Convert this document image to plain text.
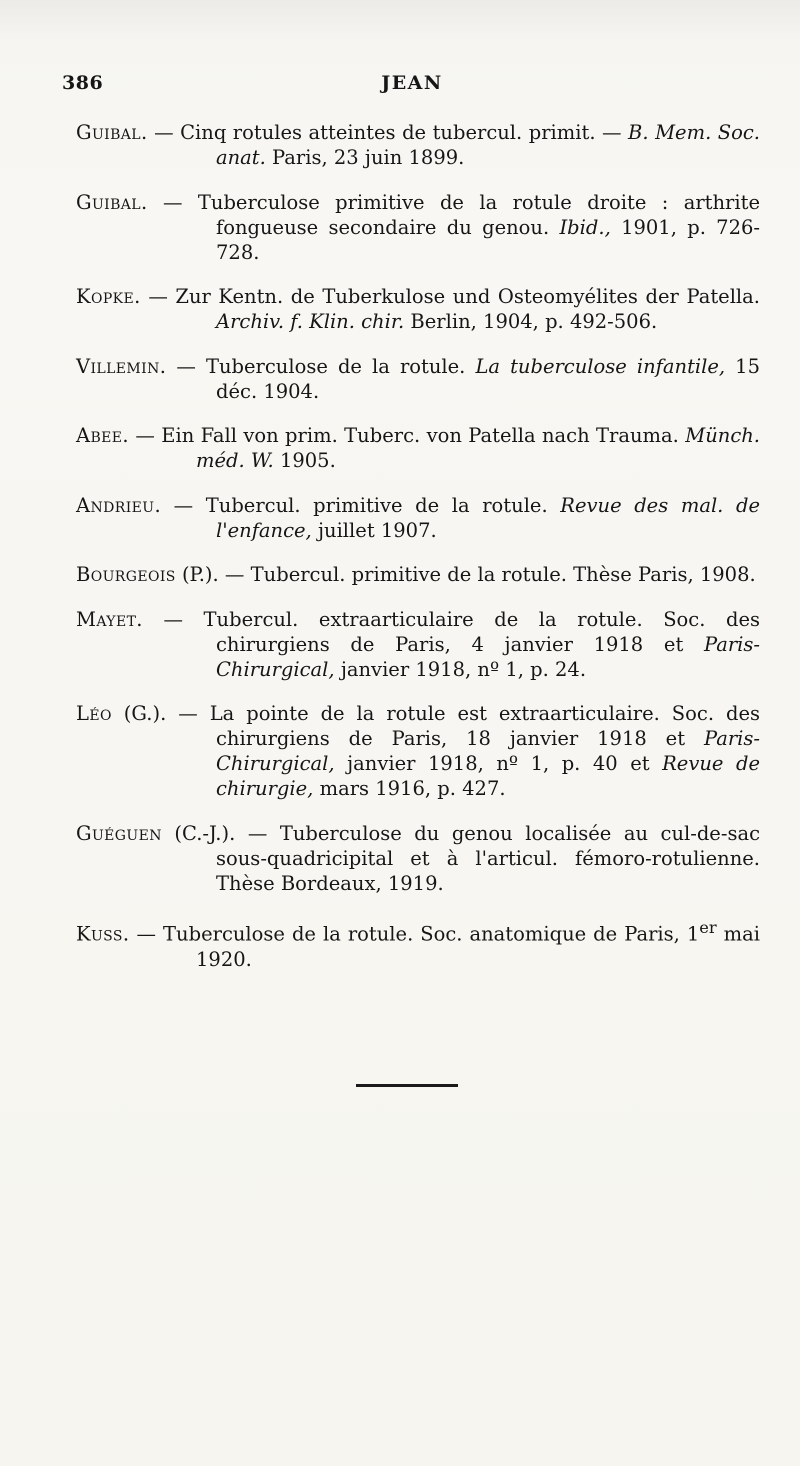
386	JEAN

Guibal. — Cinq rotules atteintes de tubercul. primit. — B. Mem. Soc. anat. Paris, 23 juin 1899.

Guibal. — Tuberculose primitive de la rotule droite : arthrite fongueuse secondaire du genou. Ibid., 1901, p. 726-728.

Kopke. — Zur Kentn. de Tuberkulose und Osteomyélites der Patella. Archiv. f. Klin. chir. Berlin, 1904, p. 492-506.

Villemin. — Tuberculose de la rotule. La tuberculose infantile, 15 déc. 1904.

Abee. — Ein Fall von prim. Tuberc. von Patella nach Trauma. Münch. méd. W. 1905.

Andrieu. — Tubercul. primitive de la rotule. Revue des mal. de l'enfance, juillet 1907.

Bourgeois (P.). — Tubercul. primitive de la rotule. Thèse Paris, 1908.

Mayet. — Tubercul. extraarticulaire de la rotule. Soc. des chirurgiens de Paris, 4 janvier 1918 et Paris-Chirurgical, janvier 1918, nº 1, p. 24.

Léo (G.). — La pointe de la rotule est extraarticulaire. Soc. des chirurgiens de Paris, 18 janvier 1918 et Paris-Chirurgical, janvier 1918, nº 1, p. 40 et Revue de chirurgie, mars 1916, p. 427.

Guéguen (C.-J.). — Tuberculose du genou localisée au cul-de-sac sous-quadricipital et à l'articul. fémoro-rotulienne. Thèse Bordeaux, 1919.

Kuss. — Tuberculose de la rotule. Soc. anatomique de Paris, 1er mai 1920.
